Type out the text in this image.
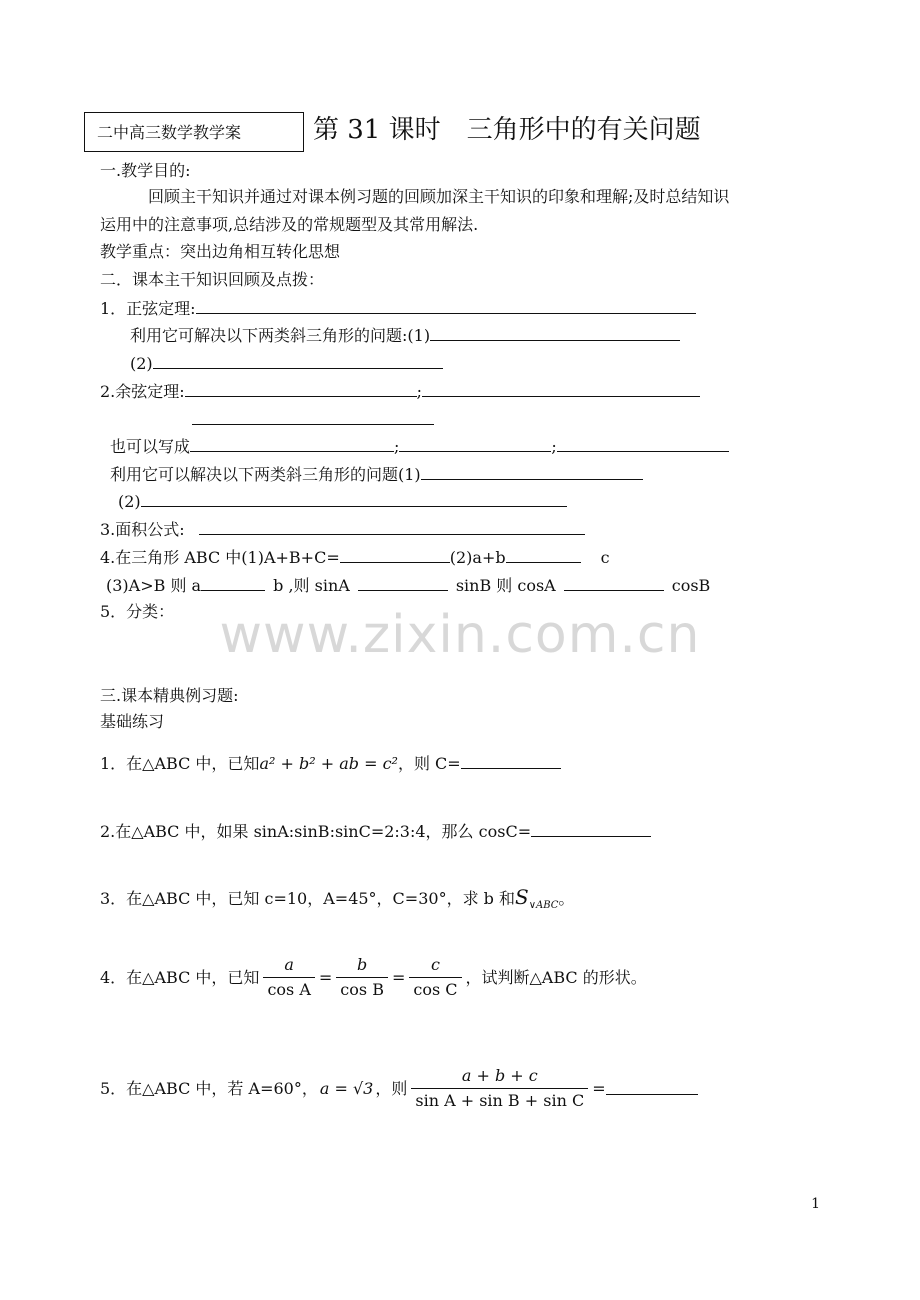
二中高三数学教学案	第 31 课时　三角形中的有关问题
一.教学目的:
回顾主干知识并通过对课本例习题的回顾加深主干知识的印象和理解;及时总结知识
运用中的注意事项,总结涉及的常规题型及其常用解法.
教学重点：突出边角相互转化思想
二．课本主干知识回顾及点拨：
1．正弦定理:
利用它可解决以下两类斜三角形的问题:(1)
(2)
2.余弦定理:	;
也可以写成	;	;
利用它可以解决以下两类斜三角形的问题(1)
(2)
3.面积公式:
4.在三角形 ABC 中(1)A+B+C=	(2)a+b	c
(3)A>B 则 a	b ,则 sinA	sinB 则 cosA	cosB
5．分类： www.zixin.com.cn
三.课本精典例习题:
基础练习
1．在△ABC 中，已知a² + b² + ab = c²，则 C=
2.在△ABC 中，如果 sinA:sinB:sinC=2:3:4，那么 cosC=
3．在△ABC 中，已知 c=10，A=45°，C=30°，求 b 和$S_{\vee ABC}$。
4．在△ABC 中，已知 $\frac{a}{\text{cos A}} = \frac{b}{\text{cos B}} = \frac{c}{\text{cos C}}$ ，试判断△ABC 的形状。
5．在△ABC 中，若 A=60°， a = √3 ，则 $\frac{a + b + c}{\text{sin A + sin B + sin C}}$ =
1
